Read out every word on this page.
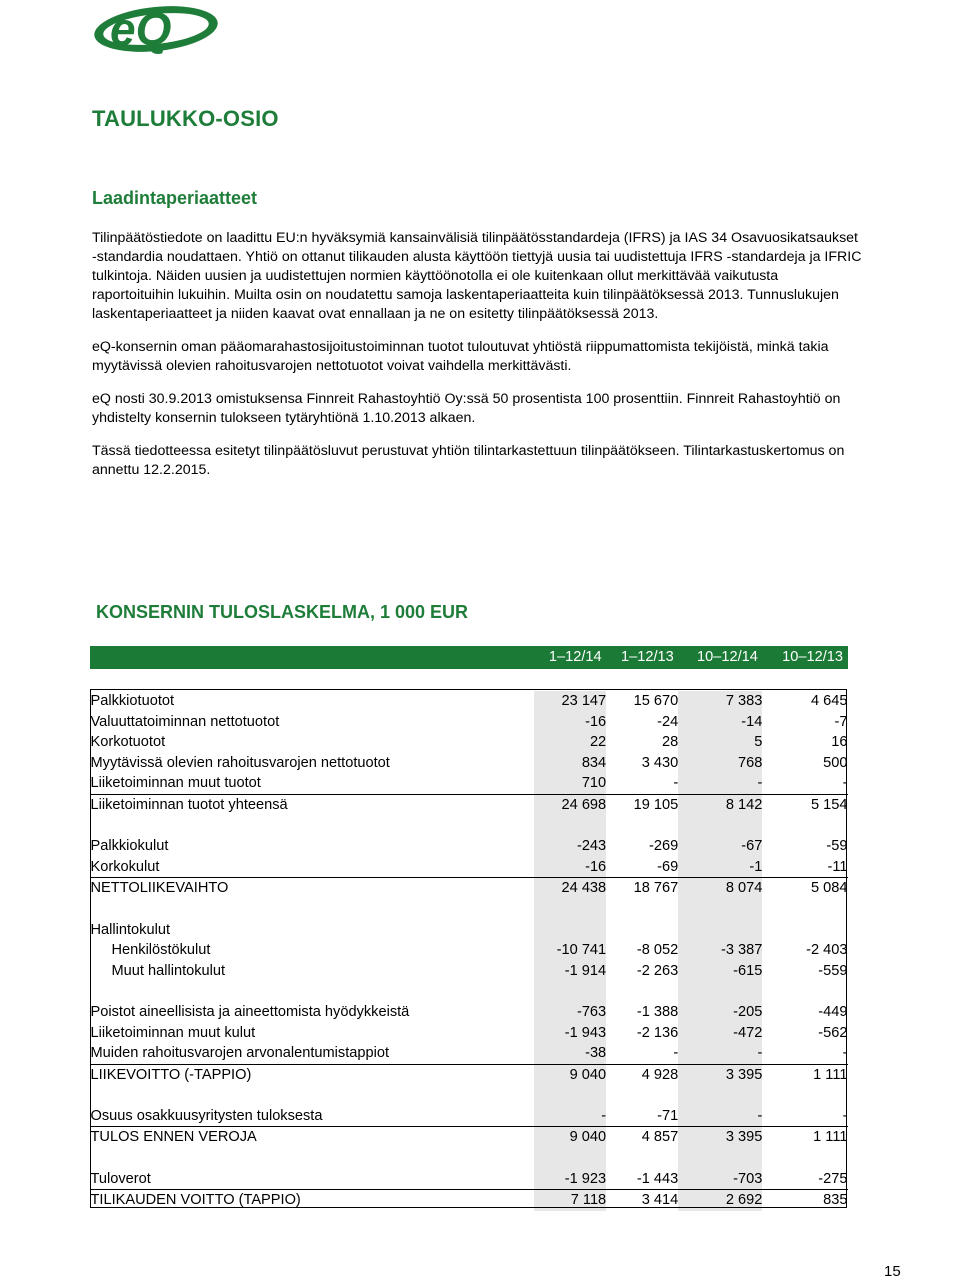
eQ
TAULUKKO-OSIO
Laadintaperiaatteet

Tilinpäätöstiedote on laadittu EU:n hyväksymiä kansainvälisiä tilinpäätösstandardeja (IFRS) ja IAS 34 Osavuosikatsaukset -standardia noudattaen. Yhtiö on ottanut tilikauden alusta käyttöön tiettyjä uusia tai uudistettuja IFRS -standardeja ja IFRIC tulkintoja. Näiden uusien ja uudistettujen normien käyttöönotolla ei ole kuitenkaan ollut merkittävää vaikutusta raportoituihin lukuihin. Muilta osin on noudatettu samoja laskentaperiaatteita kuin tilinpäätöksessä 2013. Tunnuslukujen laskentaperiaatteet ja niiden kaavat ovat ennallaan ja ne on esitetty tilinpäätöksessä 2013.

eQ-konsernin oman pääomarahastosijoitustoiminnan tuotot tuloutuvat yhtiöstä riippumattomista tekijöistä, minkä takia myytävissä olevien rahoitusvarojen nettotuotot voivat vaihdella merkittävästi.

eQ nosti 30.9.2013 omistuksensa Finnreit Rahastoyhtiö Oy:ssä 50 prosentista 100 prosenttiin. Finnreit Rahastoyhtiö on yhdistelty konsernin tulokseen tytäryhtiönä 1.10.2013 alkaen.

Tässä tiedotteessa esitetyt tilinpäätösluvut perustuvat yhtiön tilintarkastettuun tilinpäätökseen. Tilintarkastuskertomus on annettu 12.2.2015.

KONSERNIN TULOSLASKELMA, 1 000 EUR
	1–12/14	1–12/13	10–12/14	10–12/13

Palkkiotuotot	23 147	15 670	7 383	4 645
Valuuttatoiminnan nettotuotot	-16	-24	-14	-7
Korkotuotot	22	28	5	16
Myytävissä olevien rahoitusvarojen nettotuotot	834	3 430	768	500
Liiketoiminnan muut tuotot	710	-	-	-
Liiketoiminnan tuotot yhteensä	24 698	19 105	8 142	5 154

Palkkiokulut	-243	-269	-67	-59
Korkokulut	-16	-69	-1	-11
NETTOLIIKEVAIHTO	24 438	18 767	8 074	5 084

Hallintokulut				
Henkilöstökulut	-10 741	-8 052	-3 387	-2 403
Muut hallintokulut	-1 914	-2 263	-615	-559

Poistot aineellisista ja aineettomista hyödykkeistä	-763	-1 388	-205	-449
Liiketoiminnan muut kulut	-1 943	-2 136	-472	-562
Muiden rahoitusvarojen arvonalentumistappiot	-38	-	-	-
LIIKEVOITTO (-TAPPIO)	9 040	4 928	3 395	1 111

Osuus osakkuusyritysten tuloksesta	-	-71	-	-
TULOS ENNEN VEROJA	9 040	4 857	3 395	1 111

Tuloverot	-1 923	-1 443	-703	-275
TILIKAUDEN VOITTO (TAPPIO)	7 118	3 414	2 692	835
15
